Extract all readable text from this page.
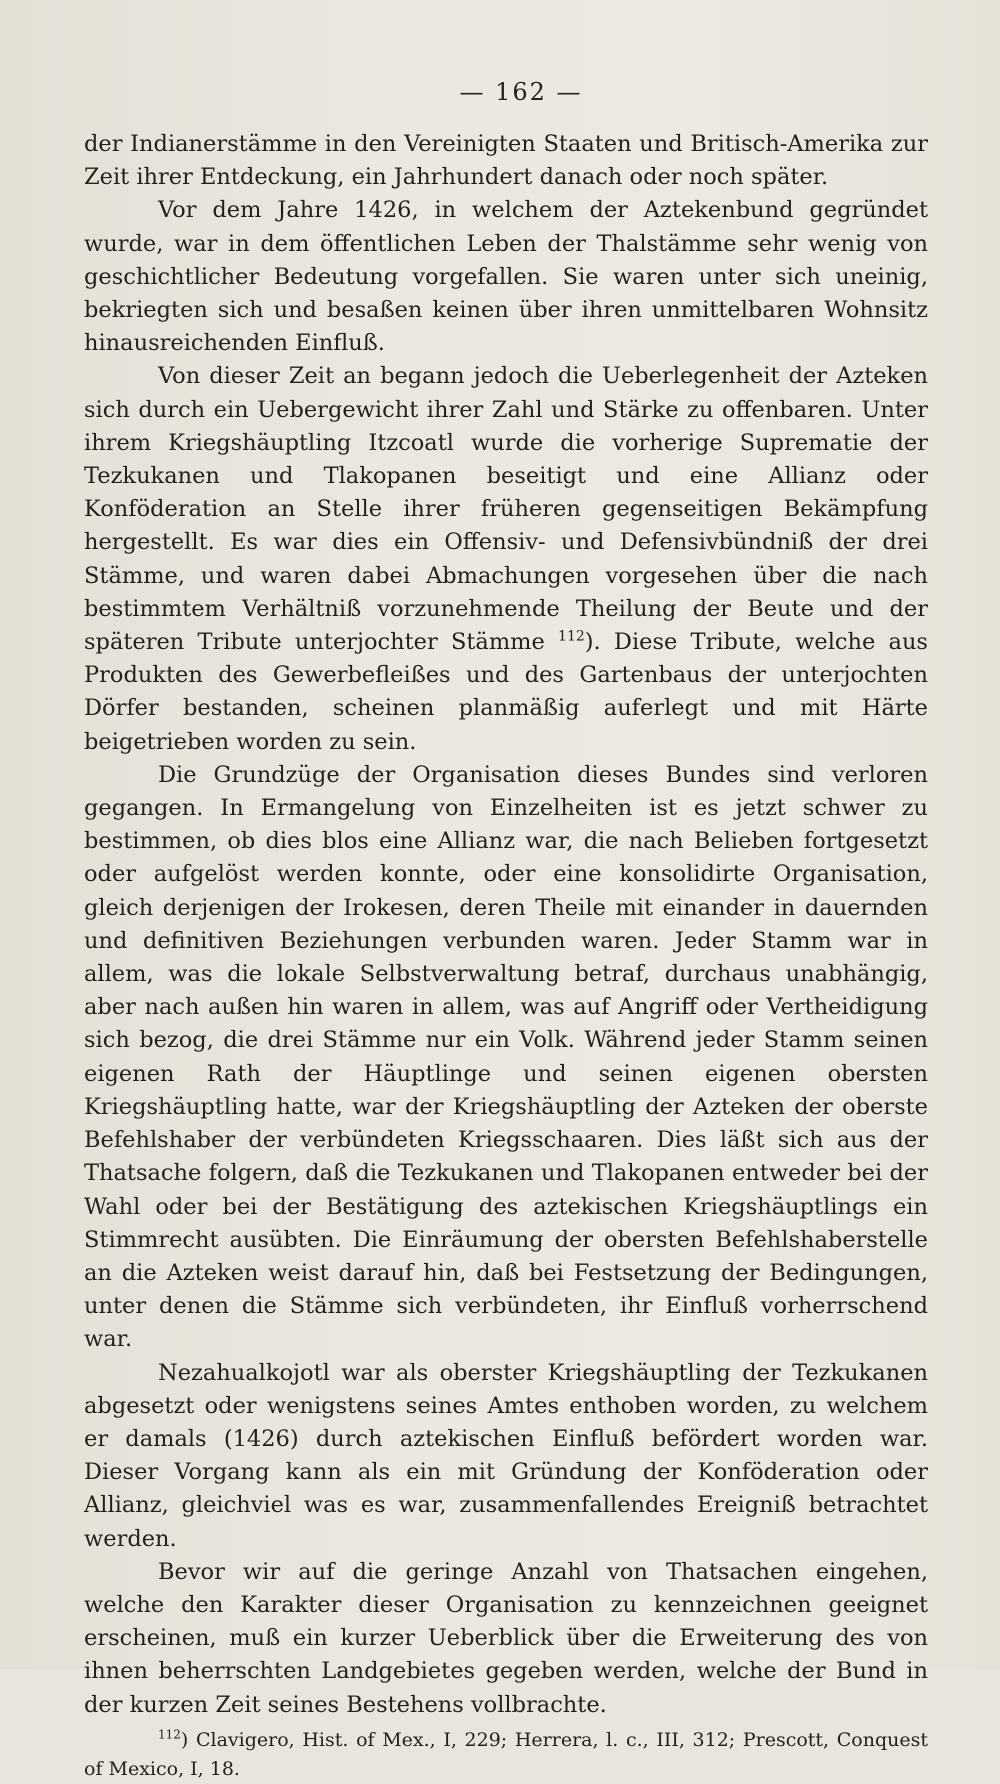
— 162 —

der Indianerstämme in den Vereinigten Staaten und Britisch-Amerika zur Zeit ihrer Entdeckung, ein Jahrhundert danach oder noch später.

Vor dem Jahre 1426, in welchem der Aztekenbund gegründet wurde, war in dem öffentlichen Leben der Thalstämme sehr wenig von geschichtlicher Bedeutung vorgefallen. Sie waren unter sich uneinig, bekriegten sich und besaßen keinen über ihren unmittelbaren Wohnsitz hinausreichenden Einfluß.

Von dieser Zeit an begann jedoch die Ueberlegenheit der Azteken sich durch ein Uebergewicht ihrer Zahl und Stärke zu offenbaren. Unter ihrem Kriegshäuptling Itzcoatl wurde die vorherige Suprematie der Tezkukanen und Tlakopanen beseitigt und eine Allianz oder Konföderation an Stelle ihrer früheren gegenseitigen Bekämpfung hergestellt. Es war dies ein Offensiv- und Defensivbündniß der drei Stämme, und waren dabei Abmachungen vorgesehen über die nach bestimmtem Verhältniß vorzunehmende Theilung der Beute und der späteren Tribute unterjochter Stämme $^{112}$). Diese Tribute, welche aus Produkten des Gewerbefleißes und des Gartenbaus der unterjochten Dörfer bestanden, scheinen planmäßig auferlegt und mit Härte beigetrieben worden zu sein.

Die Grundzüge der Organisation dieses Bundes sind verloren gegangen. In Ermangelung von Einzelheiten ist es jetzt schwer zu bestimmen, ob dies blos eine Allianz war, die nach Belieben fortgesetzt oder aufgelöst werden konnte, oder eine konsolidirte Organisation, gleich derjenigen der Irokesen, deren Theile mit einander in dauernden und definitiven Beziehungen verbunden waren. Jeder Stamm war in allem, was die lokale Selbstverwaltung betraf, durchaus unabhängig, aber nach außen hin waren in allem, was auf Angriff oder Vertheidigung sich bezog, die drei Stämme nur ein Volk. Während jeder Stamm seinen eigenen Rath der Häuptlinge und seinen eigenen obersten Kriegshäuptling hatte, war der Kriegshäuptling der Azteken der oberste Befehlshaber der verbündeten Kriegsschaaren. Dies läßt sich aus der Thatsache folgern, daß die Tezkukanen und Tlakopanen entweder bei der Wahl oder bei der Bestätigung des aztekischen Kriegshäuptlings ein Stimmrecht ausübten. Die Einräumung der obersten Befehlshaberstelle an die Azteken weist darauf hin, daß bei Festsetzung der Bedingungen, unter denen die Stämme sich verbündeten, ihr Einfluß vorherrschend war.

Nezahualkojotl war als oberster Kriegshäuptling der Tezkukanen abgesetzt oder wenigstens seines Amtes enthoben worden, zu welchem er damals (1426) durch aztekischen Einfluß befördert worden war. Dieser Vorgang kann als ein mit Gründung der Konföderation oder Allianz, gleichviel was es war, zusammenfallendes Ereigniß betrachtet werden.

Bevor wir auf die geringe Anzahl von Thatsachen eingehen, welche den Karakter dieser Organisation zu kennzeichnen geeignet erscheinen, muß ein kurzer Ueberblick über die Erweiterung des von ihnen beherrschten Landgebietes gegeben werden, welche der Bund in der kurzen Zeit seines Bestehens vollbrachte.

$^{112}$) Clavigero, Hist. of Mex., I, 229; Herrera, l. c., III, 312; Prescott, Conquest of Mexico, I, 18.
